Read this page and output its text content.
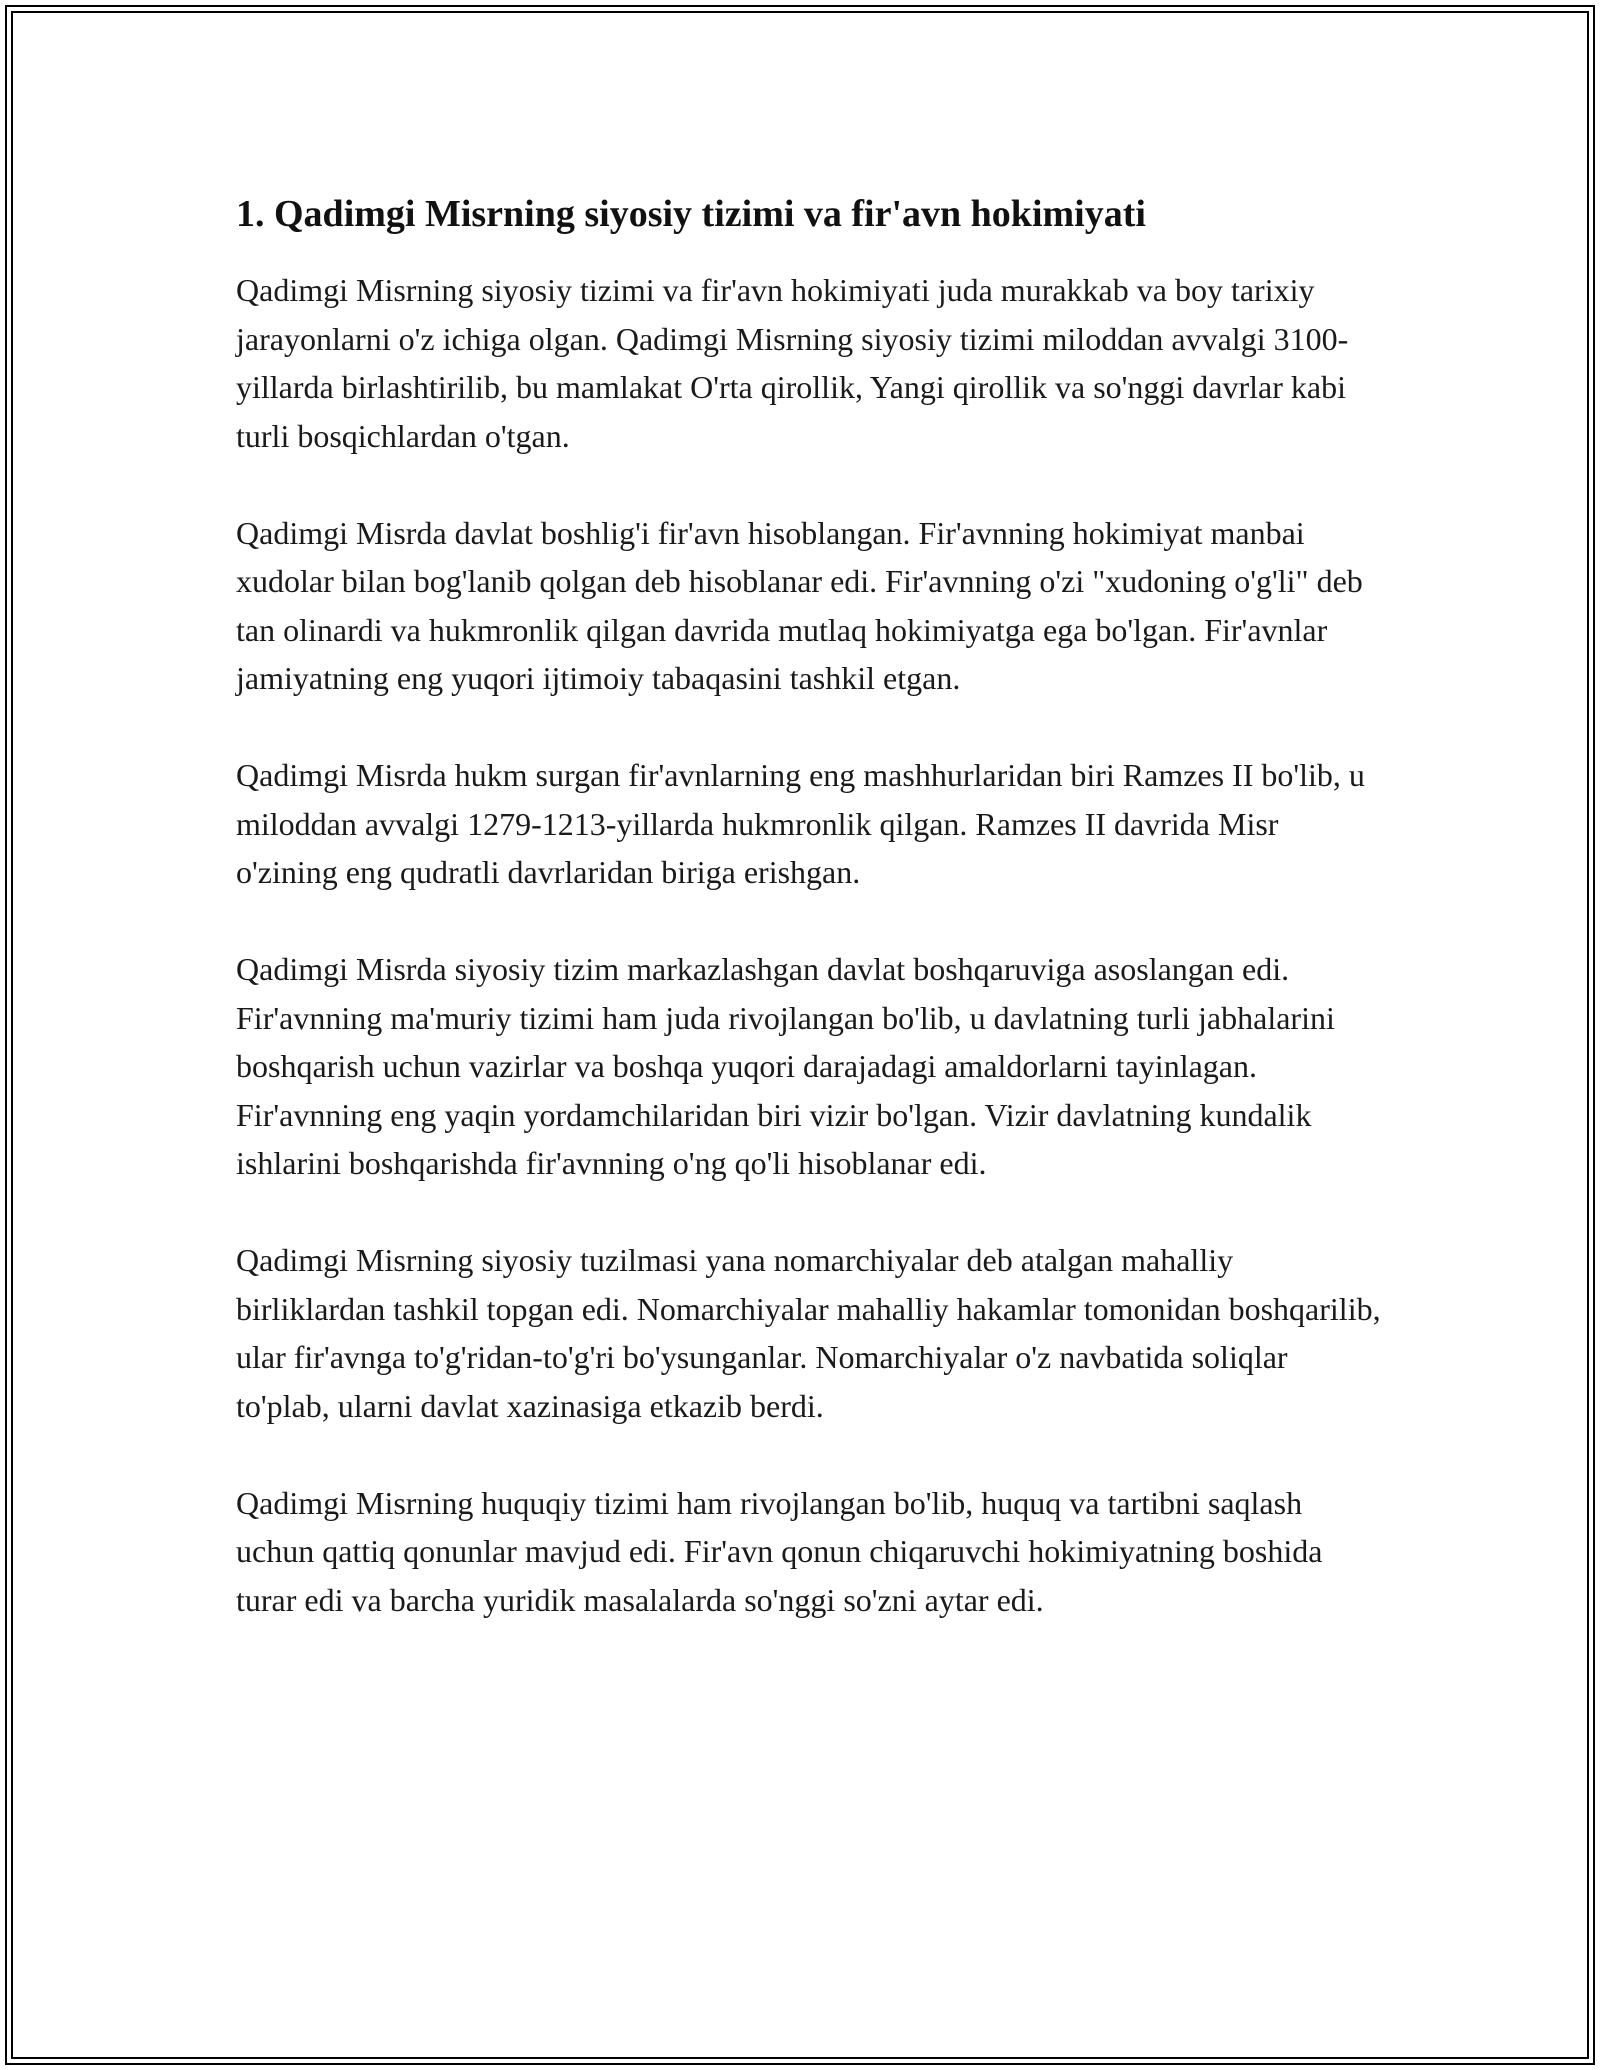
1. Qadimgi Misrning siyosiy tizimi va fir'avn hokimiyati

Qadimgi Misrning siyosiy tizimi va fir'avn hokimiyati juda murakkab va boy tarixiy jarayonlarni o'z ichiga olgan. Qadimgi Misrning siyosiy tizimi miloddan avvalgi 3100-yillarda birlashtirilib, bu mamlakat O'rta qirollik, Yangi qirollik va so'nggi davrlar kabi turli bosqichlardan o'tgan.

Qadimgi Misrda davlat boshlig'i fir'avn hisoblangan. Fir'avnning hokimiyat manbai xudolar bilan bog'lanib qolgan deb hisoblanar edi. Fir'avnning o'zi "xudoning o'g'li" deb tan olinardi va hukmronlik qilgan davrida mutlaq hokimiyatga ega bo'lgan. Fir'avnlar jamiyatning eng yuqori ijtimoiy tabaqasini tashkil etgan.

Qadimgi Misrda hukm surgan fir'avnlarning eng mashhurlaridan biri Ramzes II bo'lib, u miloddan avvalgi 1279-1213-yillarda hukmronlik qilgan. Ramzes II davrida Misr o'zining eng qudratli davrlaridan biriga erishgan.

Qadimgi Misrda siyosiy tizim markazlashgan davlat boshqaruviga asoslangan edi. Fir'avnning ma'muriy tizimi ham juda rivojlangan bo'lib, u davlatning turli jabhalarini boshqarish uchun vazirlar va boshqa yuqori darajadagi amaldorlarni tayinlagan. Fir'avnning eng yaqin yordamchilaridan biri vizir bo'lgan. Vizir davlatning kundalik ishlarini boshqarishda fir'avnning o'ng qo'li hisoblanar edi.

Qadimgi Misrning siyosiy tuzilmasi yana nomarchiyalar deb atalgan mahalliy birliklardan tashkil topgan edi. Nomarchiyalar mahalliy hakamlar tomonidan boshqarilib, ular fir'avnga to'g'ridan-to'g'ri bo'ysunganlar. Nomarchiyalar o'z navbatida soliqlar to'plab, ularni davlat xazinasiga etkazib berdi.

Qadimgi Misrning huquqiy tizimi ham rivojlangan bo'lib, huquq va tartibni saqlash uchun qattiq qonunlar mavjud edi. Fir'avn qonun chiqaruvchi hokimiyatning boshida turar edi va barcha yuridik masalalarda so'nggi so'zni aytar edi.
